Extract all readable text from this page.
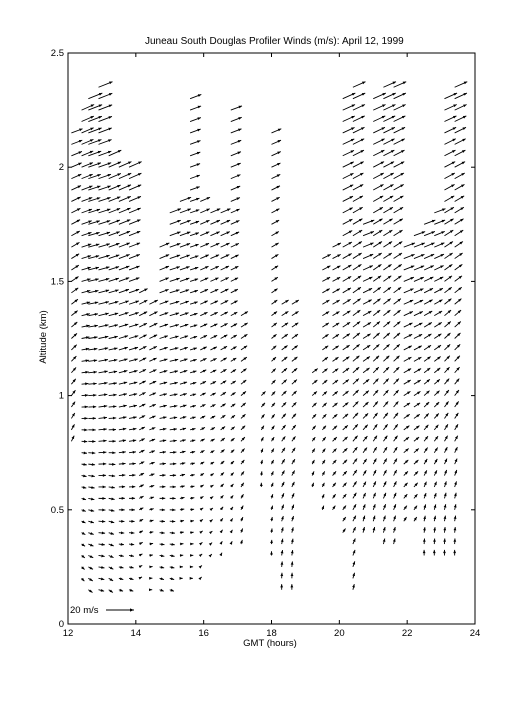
Juneau South Douglas Profiler Winds (m/s): April 12, 1999
12	14	16	18	20	22	24
0
0.5
1
1.5
2
2.5
GMT (hours)
Altitude (km)
20 m/s
